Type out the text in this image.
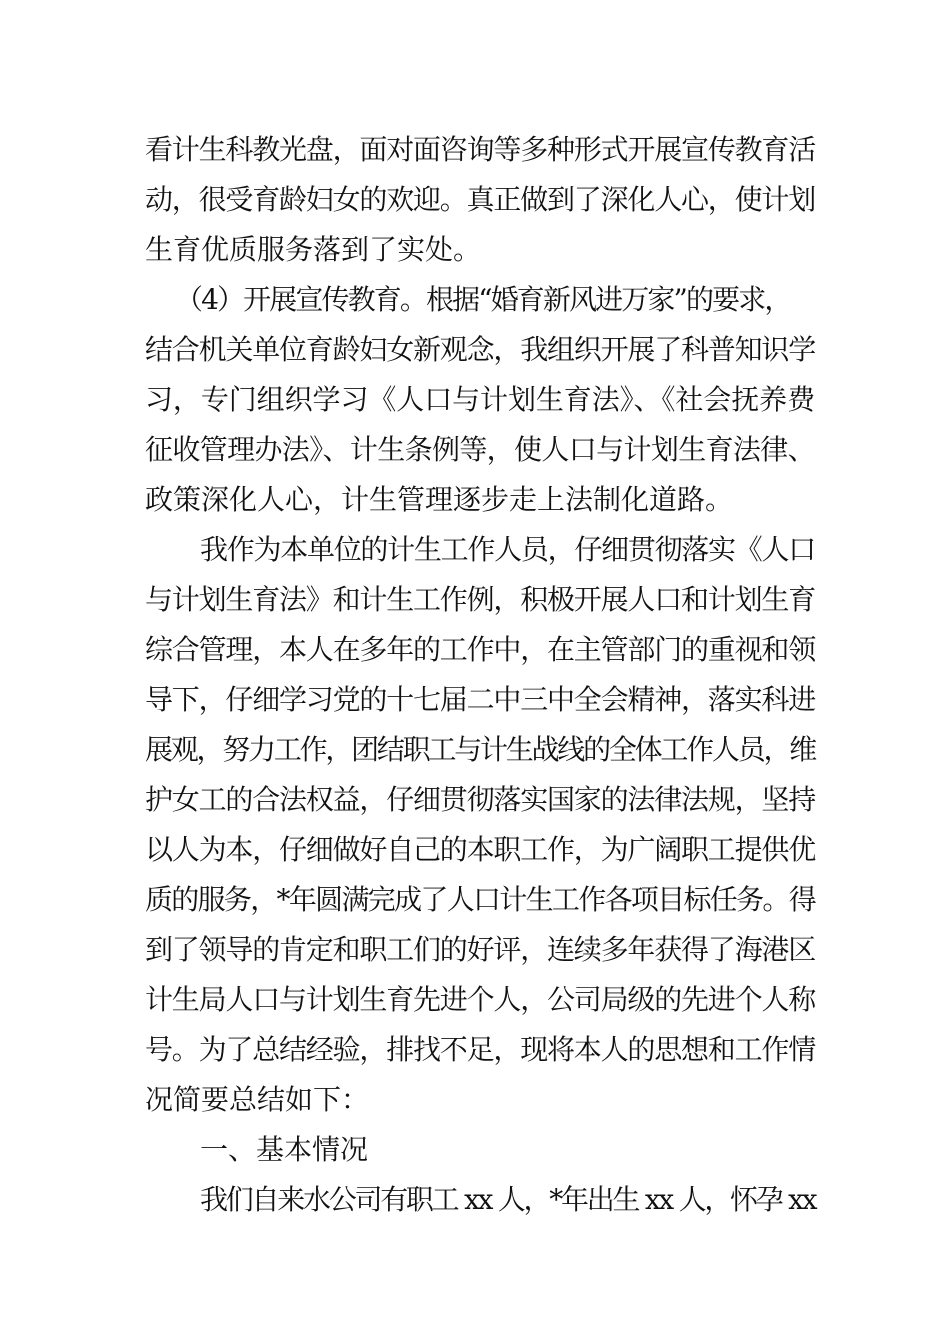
看计生科教光盘，面对面咨询等多种形式开展宣传教育活
动，很受育龄妇女的欢迎。真正做到了深化人心，使计划
生育优质服务落到了实处。
（4）开展宣传教育。根据“婚育新风进万家”的要求，
结合机关单位育龄妇女新观念，我组织开展了科普知识学
习，专门组织学习《人口与计划生育法》、《社会抚养费
征收管理办法》、计生条例等，使人口与计划生育法律、
政策深化人心，计生管理逐步走上法制化道路。
我作为本单位的计生工作人员，仔细贯彻落实《人口
与计划生育法》和计生工作例，积极开展人口和计划生育
综合管理，本人在多年的工作中，在主管部门的重视和领
导下，仔细学习党的十七届二中三中全会精神，落实科进
展观，努力工作，团结职工与计生战线的全体工作人员，维
护女工的合法权益，仔细贯彻落实国家的法律法规，坚持
以人为本，仔细做好自己的本职工作，为广阔职工提供优
质的服务，*年圆满完成了人口计生工作各项目标任务。得
到了领导的肯定和职工们的好评，连续多年获得了海港区
计生局人口与计划生育先进个人，公司局级的先进个人称
号。为了总结经验，排找不足，现将本人的思想和工作情
况简要总结如下：
一、基本情况
我们自来水公司有职工 xx 人，*年出生 xx 人，怀孕 xx
